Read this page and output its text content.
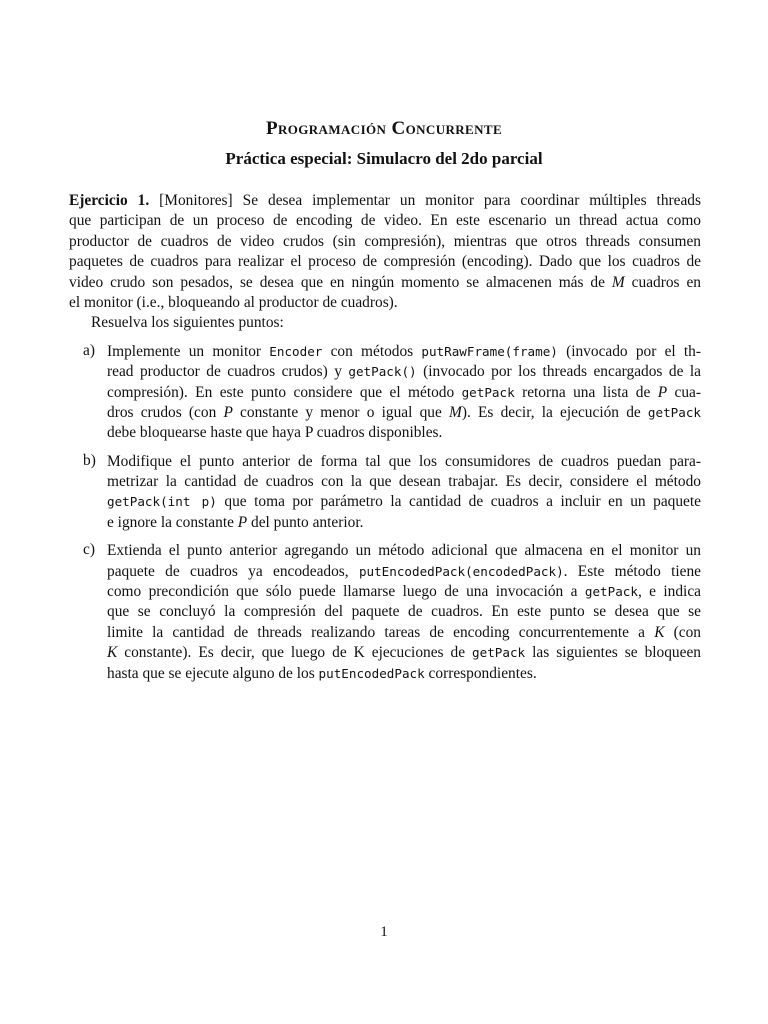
Programación Concurrente
Práctica especial: Simulacro del 2do parcial
Ejercicio 1. [Monitores] Se desea implementar un monitor para coordinar múltiples threads
que participan de un proceso de encoding de video. En este escenario un thread actua como
productor de cuadros de video crudos (sin compresión), mientras que otros threads consumen
paquetes de cuadros para realizar el proceso de compresión (encoding). Dado que los cuadros de
video crudo son pesados, se desea que en ningún momento se almacenen más de M cuadros en
el monitor (i.e., bloqueando al productor de cuadros).
Resuelva los siguientes puntos:
a) Implemente un monitor Encoder con métodos putRawFrame(frame) (invocado por el th-
read productor de cuadros crudos) y getPack() (invocado por los threads encargados de la
compresión). En este punto considere que el método getPack retorna una lista de P cua-
dros crudos (con P constante y menor o igual que M). Es decir, la ejecución de getPack
debe bloquearse haste que haya P cuadros disponibles.
b) Modifique el punto anterior de forma tal que los consumidores de cuadros puedan para-
metrizar la cantidad de cuadros con la que desean trabajar. Es decir, considere el método
getPack(int p) que toma por parámetro la cantidad de cuadros a incluir en un paquete
e ignore la constante P del punto anterior.
c) Extienda el punto anterior agregando un método adicional que almacena en el monitor un
paquete de cuadros ya encodeados, putEncodedPack(encodedPack). Este método tiene
como precondición que sólo puede llamarse luego de una invocación a getPack, e indica
que se concluyó la compresión del paquete de cuadros. En este punto se desea que se
limite la cantidad de threads realizando tareas de encoding concurrentemente a K (con
K constante). Es decir, que luego de K ejecuciones de getPack las siguientes se bloqueen
hasta que se ejecute alguno de los putEncodedPack correspondientes.
1
